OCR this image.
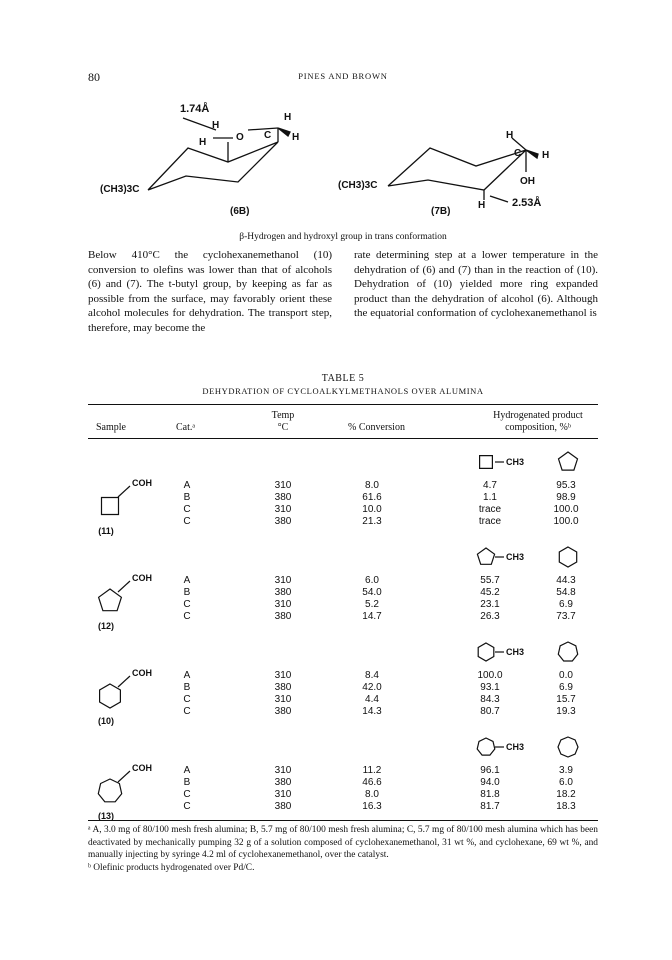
80	PINES AND BROWN
(CH3)3C
1.74Å
H
O C
H
H
H
(6B)
(CH3)3C
H
C H
OH
H 2.53Å
(7B)
β-Hydrogen and hydroxyl group in trans conformation
Below 410°C the cyclohexanemethanol (10) conversion to olefins was lower than that of alcohols (6) and (7). The t-butyl group, by keeping as far as possible from the surface, may favorably orient these alcohol molecules for dehydration. The transport step, therefore, may become the
rate determining step at a lower temperature in the dehydration of (6) and (7) than in the reaction of (10). Dehydration of (10) yielded more ring expanded product than the dehydration of alcohol (6). Although the equatorial conformation of cyclohexanemethanol is
TABLE 5
DEHYDRATION OF CYCLOALKYLMETHANOLS OVER ALUMINA
Sample	Cat.ᵃ
Temp
°C	% Conversion
Hydrogenated product
composition, %ᵇ
CH3
COH
(11)
A	310	8.0	4.7	95.3
B	380	61.6	1.1	98.9
C	310	10.0	trace	100.0
C	380	21.3	trace	100.0
CH3
COH
(12)
A	310	6.0	55.7	44.3
B	380	54.0	45.2	54.8
C	310	5.2	23.1	6.9
C	380	14.7	26.3	73.7
CH3
COH
(10)
A	310	8.4	100.0	0.0
B	380	42.0	93.1	6.9
C	310	4.4	84.3	15.7
C	380	14.3	80.7	19.3
CH3
COH
(13)
A	310	11.2	96.1	3.9
B	380	46.6	94.0	6.0
C	310	8.0	81.8	18.2
C	380	16.3	81.7	18.3

ᵃ A, 3.0 mg of 80/100 mesh fresh alumina; B, 5.7 mg of 80/100 mesh fresh alumina; C, 5.7 mg of 80/100 mesh alumina which has been deactivated by mechanically pumping 32 g of a solution composed of cyclohexanemethanol, 31 wt %, and cyclohexane, 69 wt %, and manually injecting by syringe 4.2 ml of cyclohexanemethanol, over the catalyst.

ᵇ Olefinic products hydrogenated over Pd/C.
